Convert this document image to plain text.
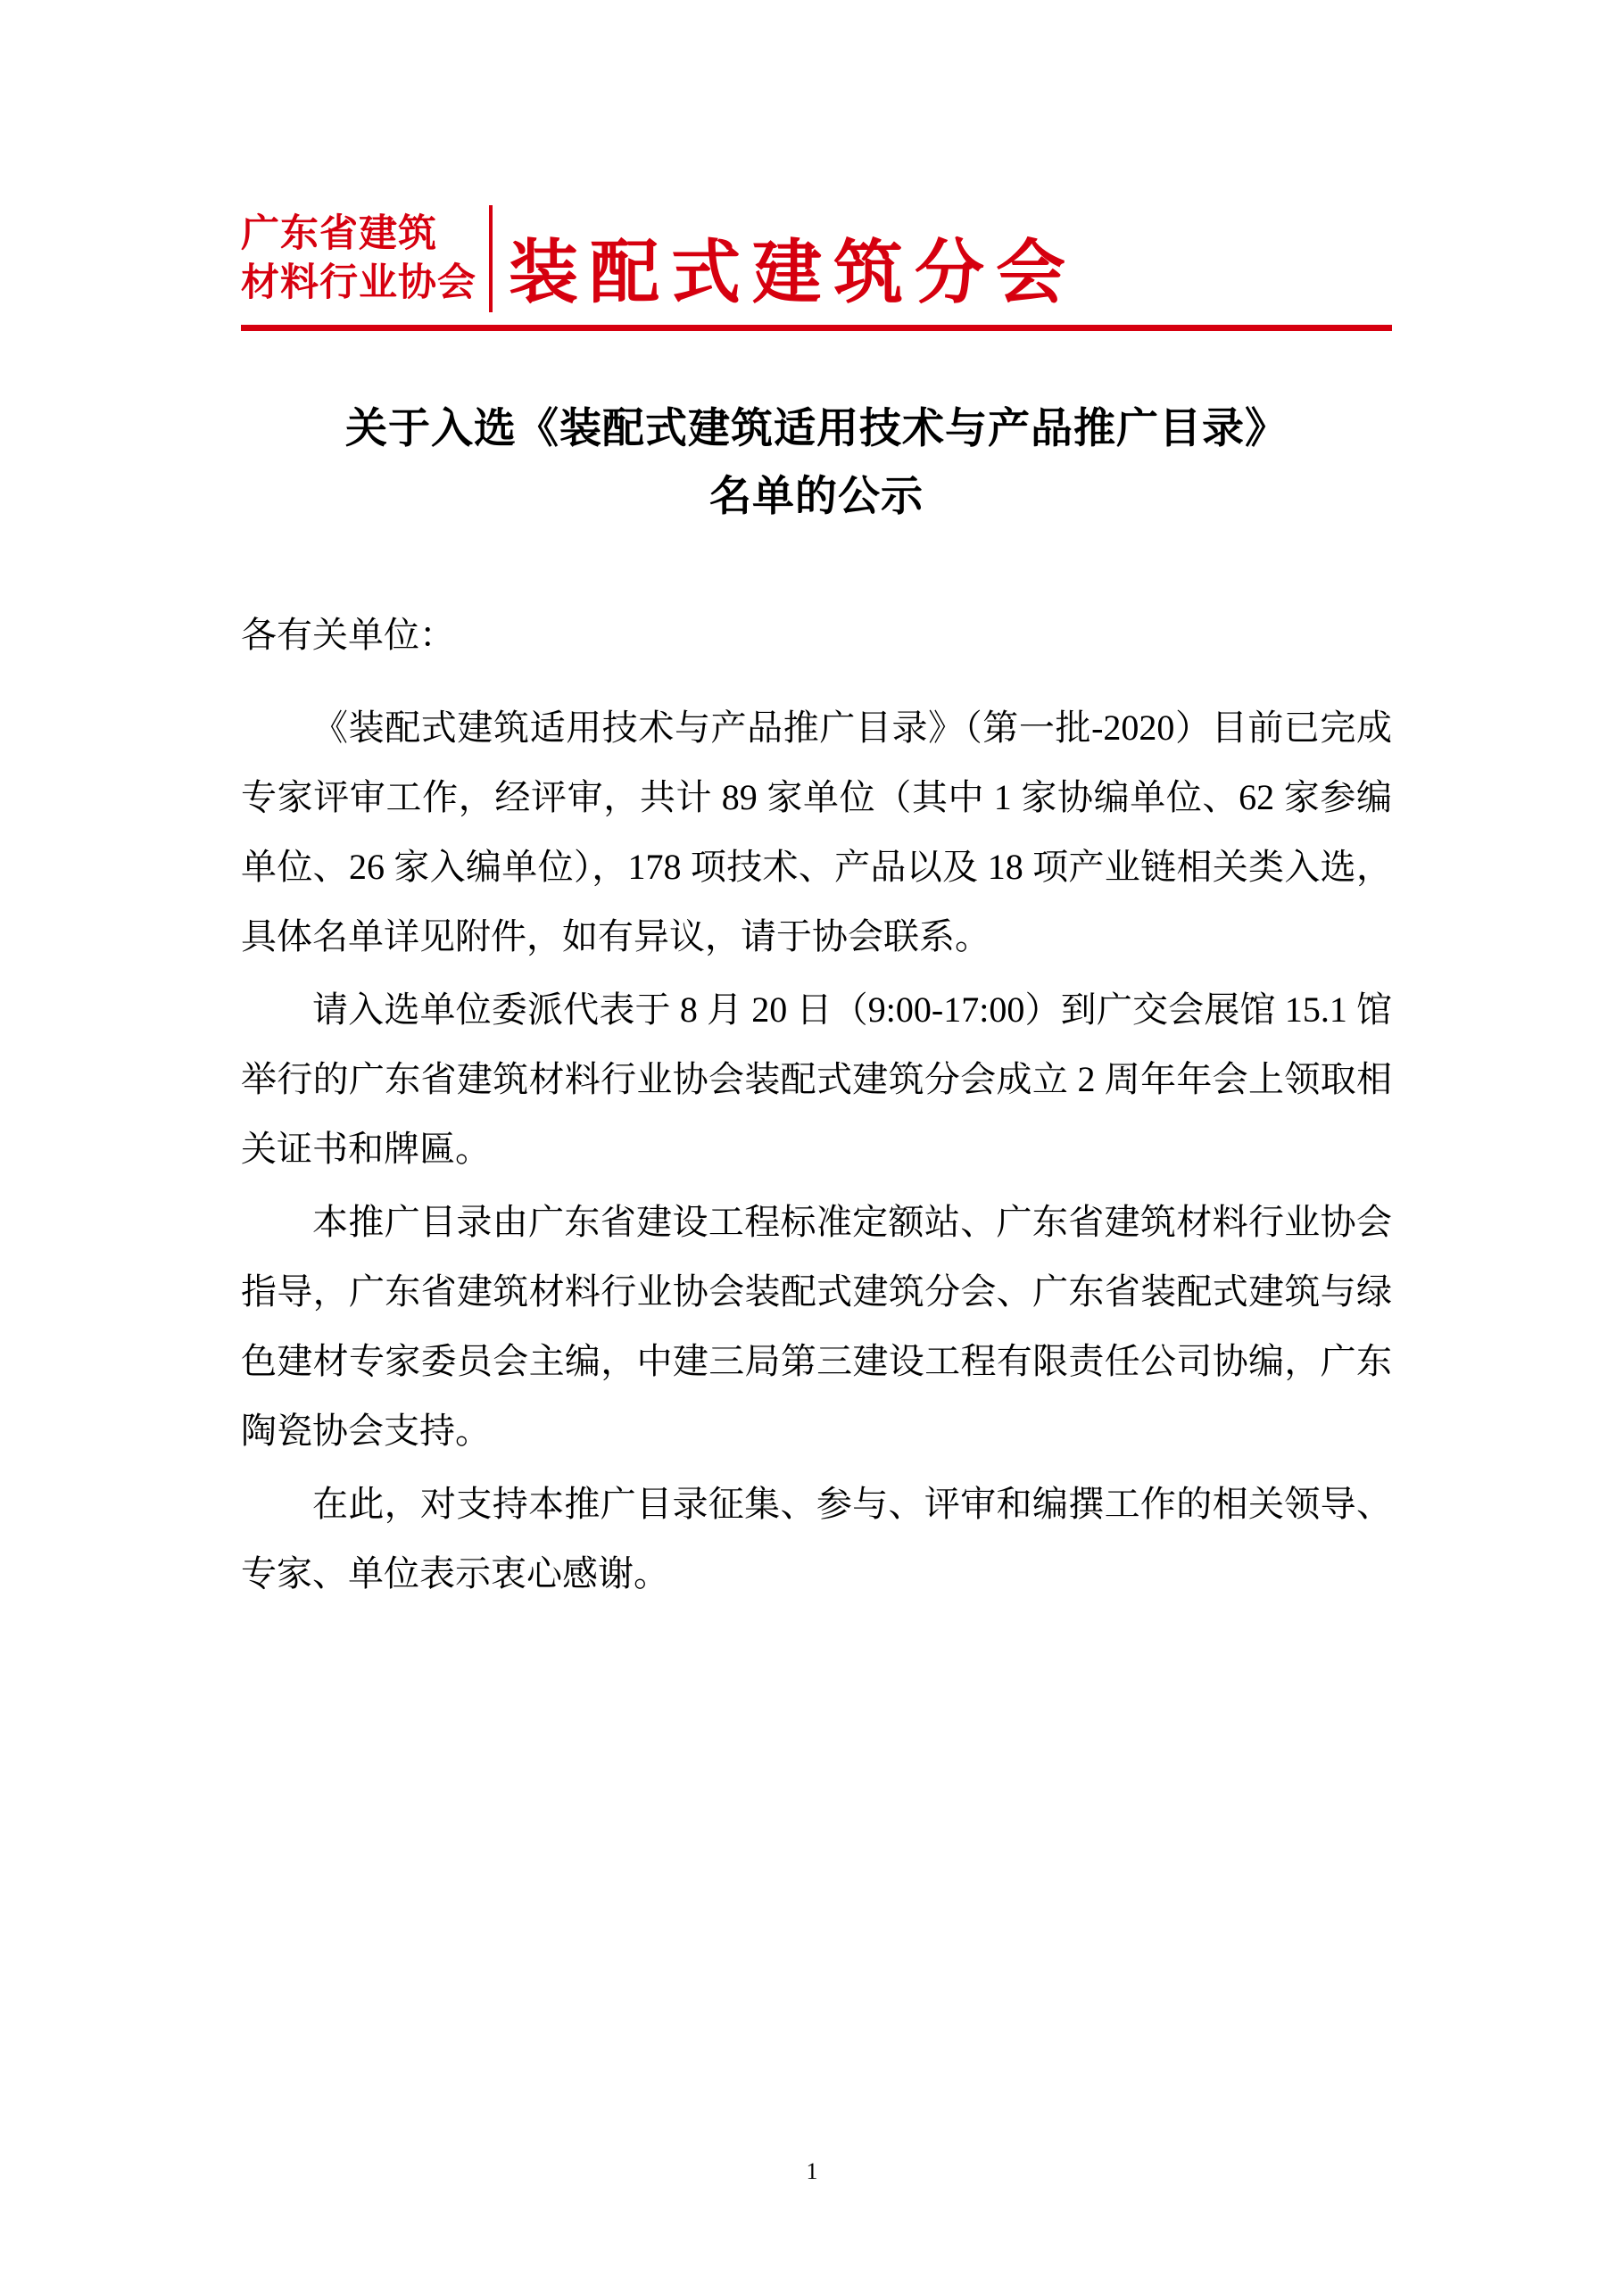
广东省建筑
材料行业协会 装配式建筑分会
关于入选《装配式建筑适用技术与产品推广目录》
名单的公示

各有关单位：

《装配式建筑适用技术与产品推广目录》（第一批-2020）目前已完成专家评审工作，经评审，共计 89 家单位（其中 1 家协编单位、62 家参编单位、26 家入编单位），178 项技术、产品以及 18 项产业链相关类入选，具体名单详见附件，如有异议，请于协会联系。

请入选单位委派代表于 8 月 20 日（9:00-17:00）到广交会展馆 15.1 馆举行的广东省建筑材料行业协会装配式建筑分会成立 2 周年年会上领取相关证书和牌匾。

本推广目录由广东省建设工程标准定额站、广东省建筑材料行业协会指导，广东省建筑材料行业协会装配式建筑分会、广东省装配式建筑与绿色建材专家委员会主编，中建三局第三建设工程有限责任公司协编，广东陶瓷协会支持。

在此，对支持本推广目录征集、参与、评审和编撰工作的相关领导、专家、单位表示衷心感谢。

1
